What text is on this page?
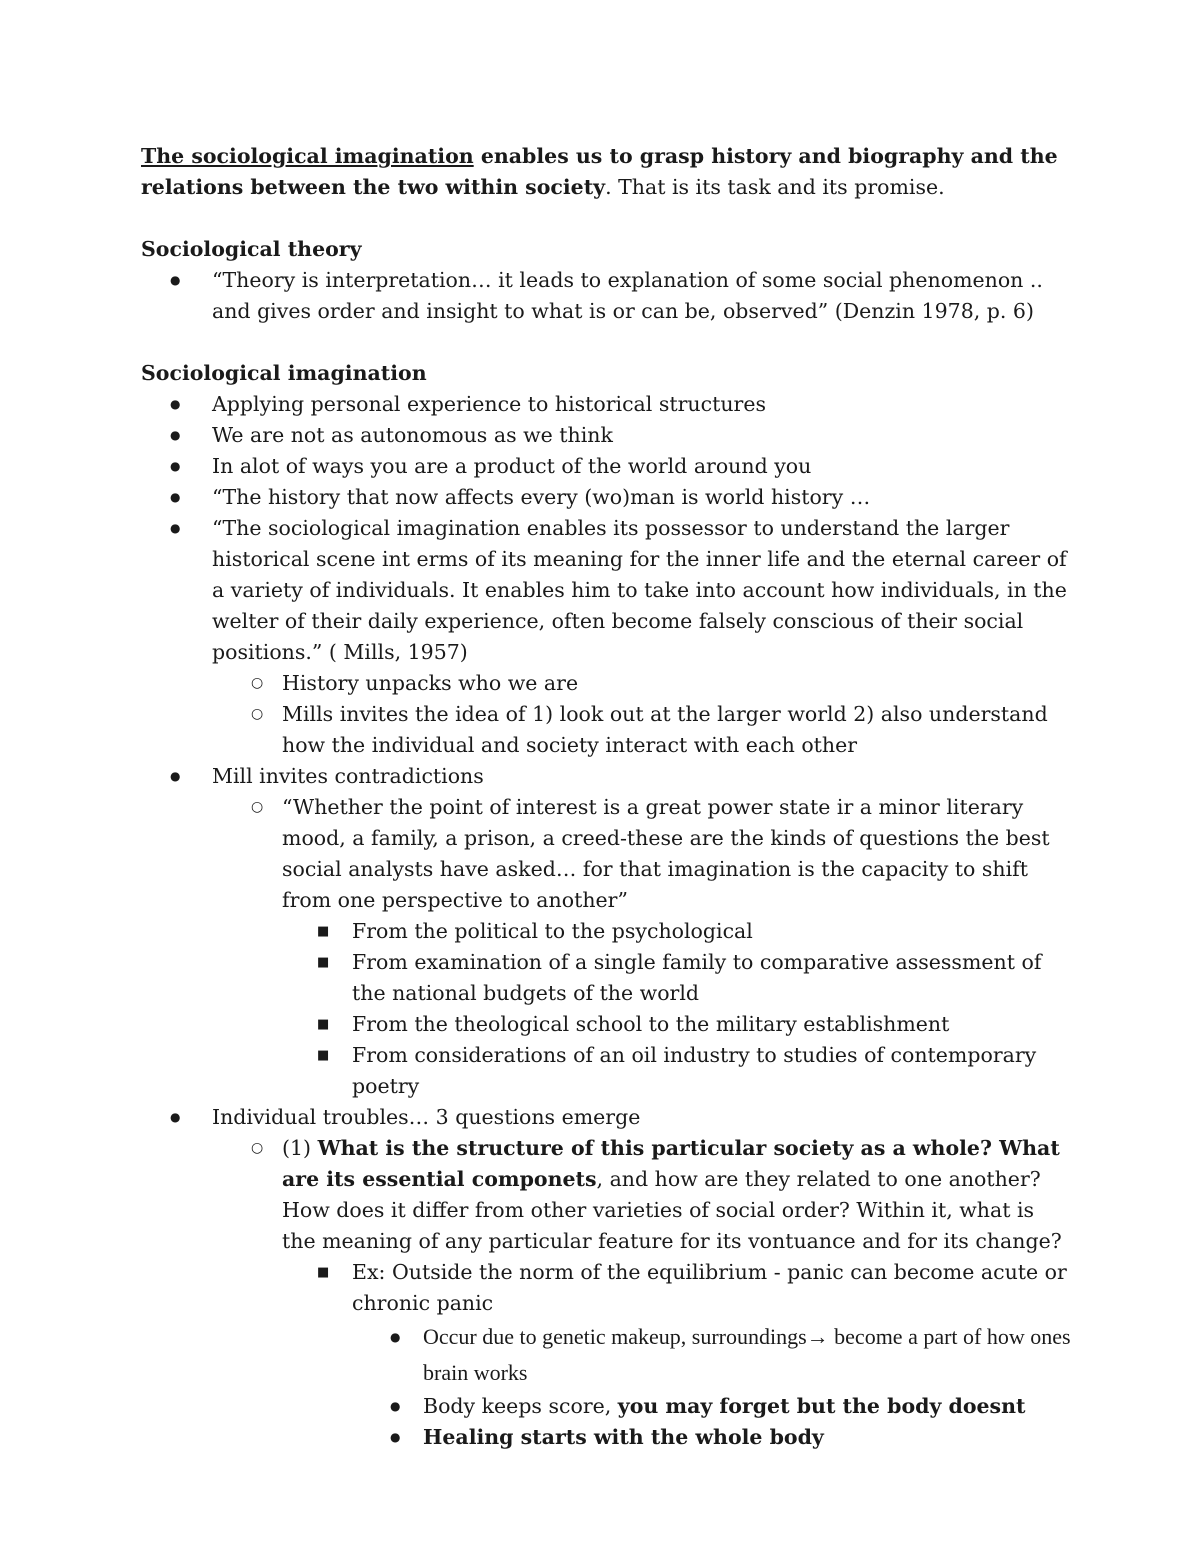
The sociological imagination enables us to grasp history and biography and the relations between the two within society. That is its task and its promise.

Sociological theory

● “Theory is interpretation… it leads to explanation of some social phenomenon .. and gives order and insight to what is or can be, observed” (Denzin 1978, p. 6)

Sociological imagination

● Applying personal experience to historical structures

● We are not as autonomous as we think

● In alot of ways you are a product of the world around you

● “The history that now affects every (wo)man is world history …

● “The sociological imagination enables its possessor to understand the larger historical scene int erms of its meaning for the inner life and the eternal career of a variety of individuals. It enables him to take into account how individuals, in the welter of their daily experience, often become falsely conscious of their social positions.” ( Mills, 1957)

○ History unpacks who we are

○ Mills invites the idea of 1) look out at the larger world 2) also understand how the individual and society interact with each other

● Mill invites contradictions

○ “Whether the point of interest is a great power state ir a minor literary mood, a family, a prison, a creed-these are the kinds of questions the best social analysts have asked… for that imagination is the capacity to shift from one perspective to another”

■ From the political to the psychological

■ From examination of a single family to comparative assessment of the national budgets of the world

■ From the theological school to the military establishment

■ From considerations of an oil industry to studies of contemporary poetry

● Individual troubles… 3 questions emerge

○ (1) What is the structure of this particular society as a whole? What are its essential componets, and how are they related to one another? How does it differ from other varieties of social order? Within it, what is the meaning of any particular feature for its vontuance and for its change?

■ Ex: Outside the norm of the equilibrium - panic can become acute or chronic panic

● Occur due to genetic makeup, surroundings→ become a part of how ones brain works

● Body keeps score, you may forget but the body doesnt

● Healing starts with the whole body
